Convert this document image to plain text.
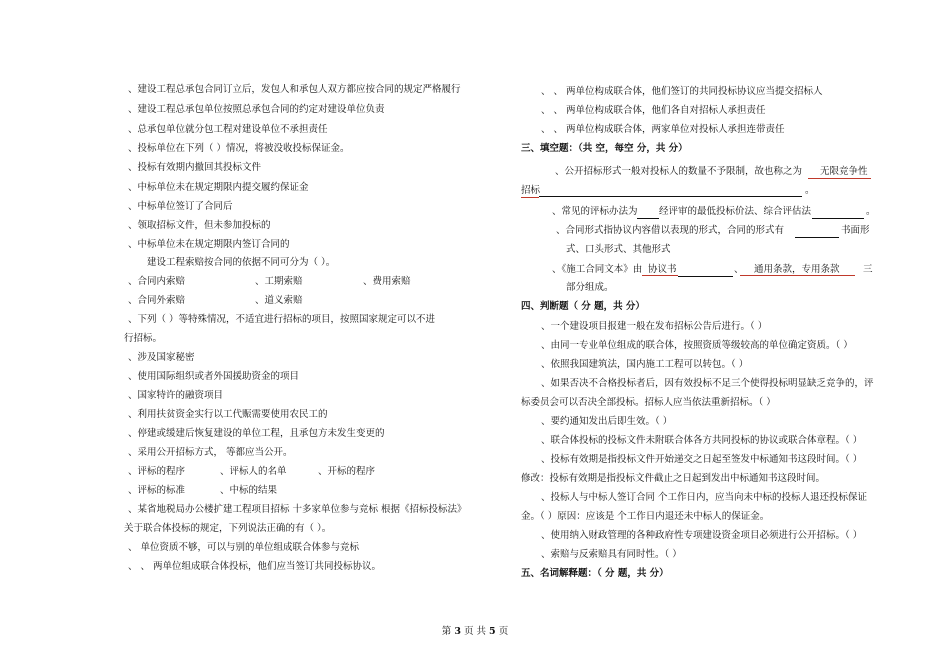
、建设工程总承包合同订立后，发包人和承包人双方都应按合同的规定严格履行
、建设工程总承包单位按照总承包合同的约定对建设单位负责
、总承包单位就分包工程对建设单位不承担责任
、投标单位在下列（ ）情况，将被没收投标保证金。
、投标有效期内撤回其投标文件
、中标单位未在规定期限内提交履约保证金
、中标单位签订了合同后
、领取招标文件，但未参加投标的
、中标单位未在规定期限内签订合同的
建设工程索赔按合同的依据不同可分为（ ）。
、合同内索赔	、工期索赔	、费用索赔
、合同外索赔	、道义索赔
、下列（ ）等特殊情况，不适宜进行招标的项目，按照国家规定可以不进
行招标。
、涉及国家秘密
、使用国际组织或者外国援助资金的项目
、国家特许的融资项目
、利用扶贫资金实行以工代赈需要使用农民工的
、停建或缓建后恢复建设的单位工程，且承包方未发生变更的
、采用公开招标方式， 等都应当公开。
、评标的程序	、评标人的名单	、开标的程序
、评标的标准	、中标的结果
、某省地税局办公楼扩建工程项目招标 十多家单位参与竞标 根据《招标投标法》
关于联合体投标的规定，下列说法正确的有（ ）。
、 单位资质不够，可以与别的单位组成联合体参与竞标
、 、 两单位组成联合体投标，他们应当签订共同投标协议。
、 、 两单位构成联合体，他们签订的共同投标协议应当提交招标人
、 、 两单位构成联合体，他们各自对招标人承担责任
、 、 两单位构成联合体，两家单位对投标人承担连带责任
三、填空题：（共 空，每空 分，共 分）
、公开招标形式一般对投标人的数量不予限制，故也称之为 无限竞争性
招标	。
、常见的评标办法为 经评审的最低投标价法、综合评估法	。
、合同形式指协议内容借以表现的形式，合同的形式有	书面形
式、口头形式、其他形式
、《施工合同文本》由 协议书	、 通用条款，专用条款 三
部分组成。
四、判断题（ 分 题，共 分）
、一个建设项目报建一般在发布招标公告后进行。（ ）
、由同一专业单位组成的联合体，按照资质等级较高的单位确定资质。（ ）
、依照我国建筑法，国内施工工程可以转包。（ ）
、如果否决不合格投标者后，因有效投标不足三个使得投标明显缺乏竞争的，评
标委员会可以否决全部投标。招标人应当依法重新招标。（ ）
、要约通知发出后即生效。（ ）
、联合体投标的投标文件未附联合体各方共同投标的协议或联合体章程。（ ）
、投标有效期是指投标文件开始递交之日起至签发中标通知书这段时间。（ ）
修改：投标有效期是指投标文件截止之日起到发出中标通知书这段时间。
、投标人与中标人签订合同 个工作日内，应当向未中标的投标人退还投标保证
金。（ ）原因：应该是 个工作日内退还未中标人的保证金。
、使用纳入财政管理的各种政府性专项建设资金项目必须进行公开招标。（ ）
、索赔与反索赔具有同时性。（ ）
五、名词解释题：（ 分 题，共 分）
第 3 页 共 5 页
